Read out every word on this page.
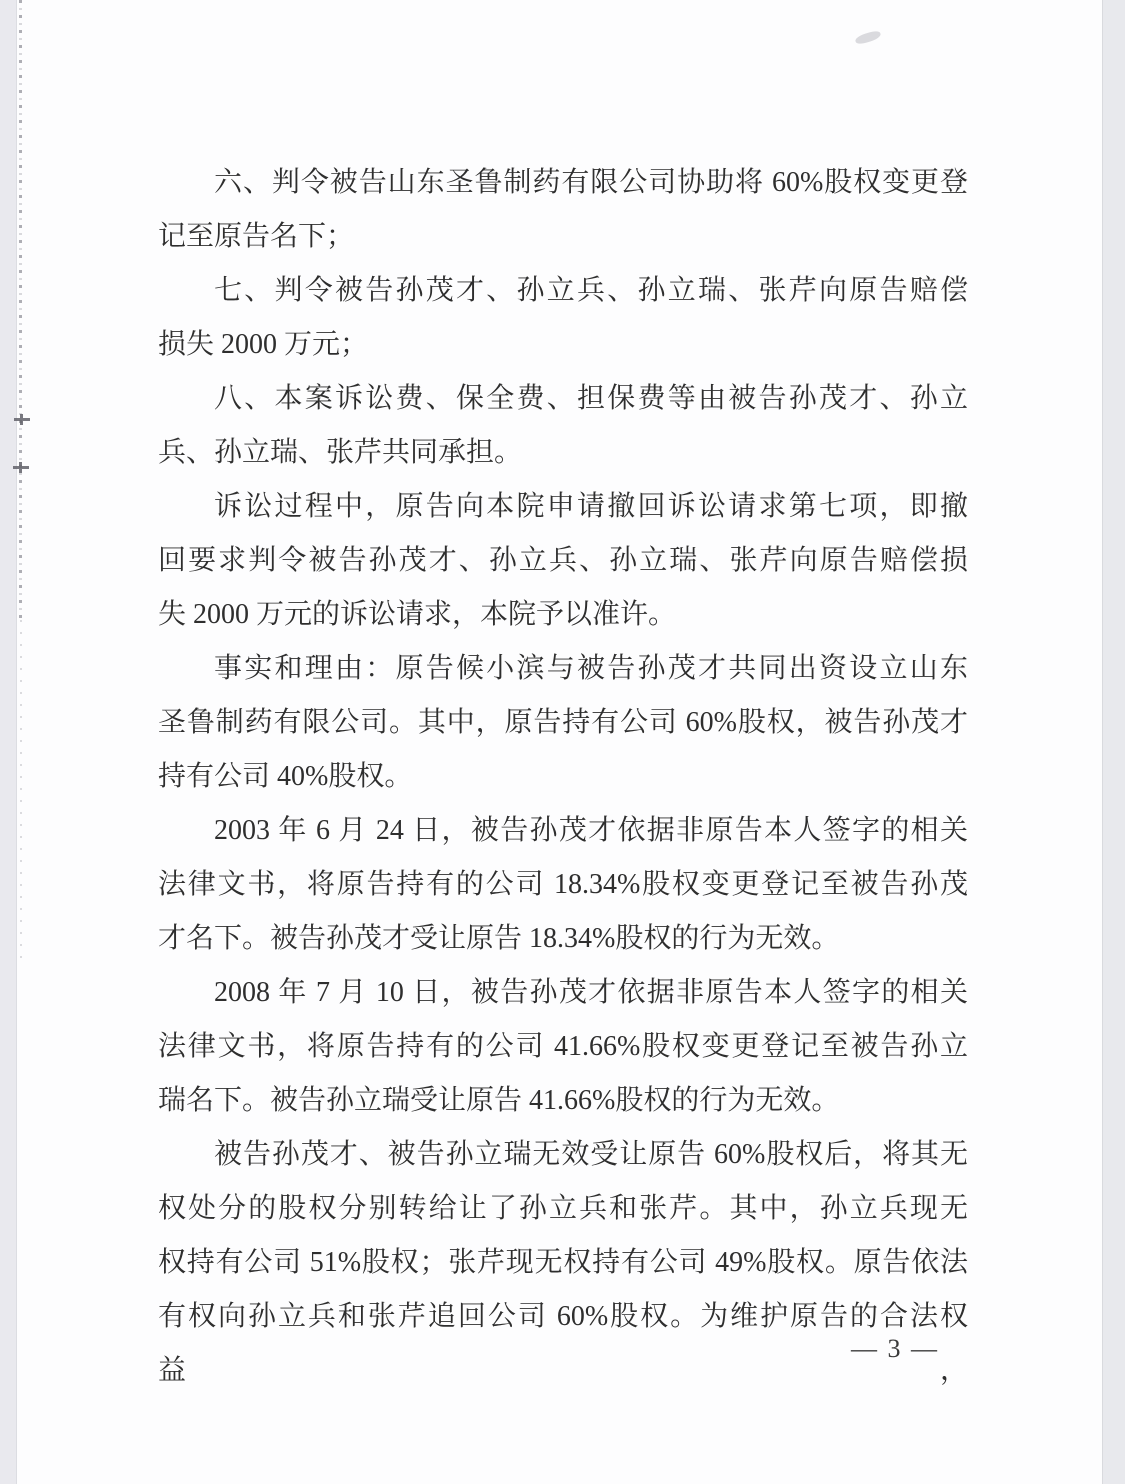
六、判令被告山东圣鲁制药有限公司协助将 60%股权变更登
记至原告名下；
七、判令被告孙茂才、孙立兵、孙立瑞、张芹向原告赔偿
损失 2000 万元；
八、本案诉讼费、保全费、担保费等由被告孙茂才、孙立
兵、孙立瑞、张芹共同承担。
诉讼过程中，原告向本院申请撤回诉讼请求第七项，即撤
回要求判令被告孙茂才、孙立兵、孙立瑞、张芹向原告赔偿损
失 2000 万元的诉讼请求，本院予以准许。
事实和理由：原告候小滨与被告孙茂才共同出资设立山东
圣鲁制药有限公司。其中，原告持有公司 60%股权，被告孙茂才
持有公司 40%股权。
2003 年 6 月 24 日，被告孙茂才依据非原告本人签字的相关
法律文书，将原告持有的公司 18.34%股权变更登记至被告孙茂
才名下。被告孙茂才受让原告 18.34%股权的行为无效。
2008 年 7 月 10 日，被告孙茂才依据非原告本人签字的相关
法律文书，将原告持有的公司 41.66%股权变更登记至被告孙立
瑞名下。被告孙立瑞受让原告 41.66%股权的行为无效。
被告孙茂才、被告孙立瑞无效受让原告 60%股权后，将其无
权处分的股权分别转给让了孙立兵和张芹。其中，孙立兵现无
权持有公司 51%股权；张芹现无权持有公司 49%股权。原告依法
有权向孙立兵和张芹追回公司 60%股权。为维护原告的合法权益，
— 3 —
